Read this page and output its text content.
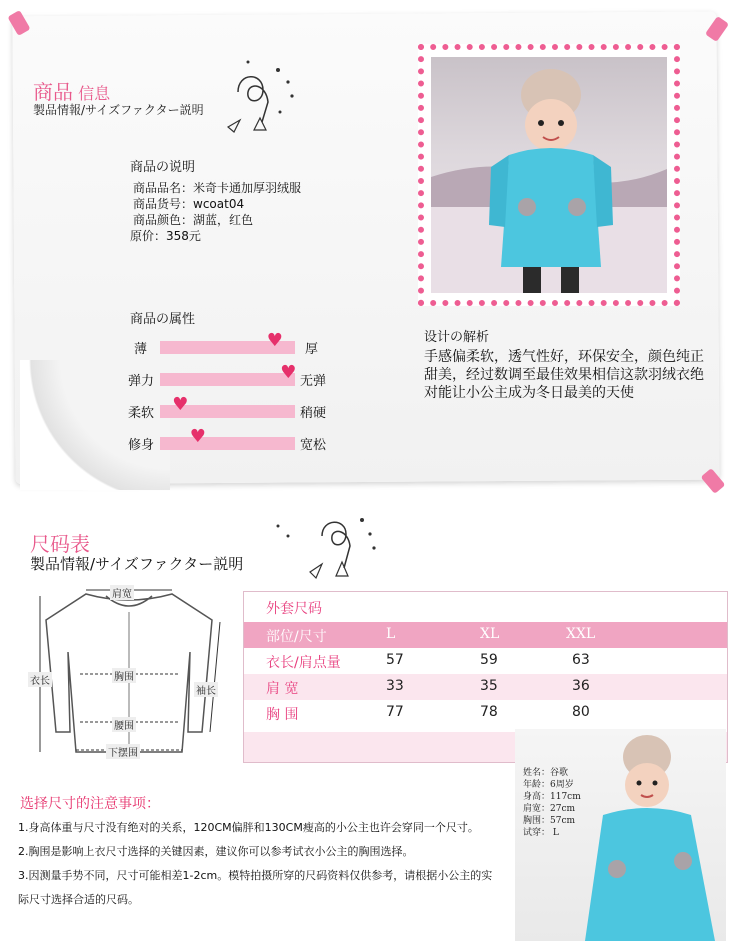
商品 信息
製品情報/サイズファクター説明
商品の说明
商品品名：米奇卡通加厚羽绒服
商品货号：wcoat04
商品颜色：湖蓝，红色
原价：358元
商品の属性
薄	♥ 厚
弹力	♥ 无弹
柔软	♥	稍硬
修身	♥	宽松
设计の解析
手感偏柔软，透气性好，环保安全，颜色纯正甜美，经过数调至最佳效果相信这款羽绒衣绝对能让小公主成为冬日最美的天使
尺码表
製品情報/サイズファクター説明
肩宽
衣长	胸围
袖长
腰围
下摆围
外套尺码
部位/尺寸	L	XL	XXL
衣长/肩点量	57	59	63
肩 宽	33	35	36
胸 围	77	78	80
选择尺寸的注意事项：
1.身高体重与尺寸没有绝对的关系，120CM偏胖和130CM瘦高的小公主也许会穿同一个尺寸。
2.胸围是影响上衣尺寸选择的关键因素，建议你可以参考试衣小公主的胸围选择。
3.因测量手势不同，尺寸可能相差1-2cm。模特拍摄所穿的尺码资料仅供参考，请根据小公主的实
际尺寸选择合适的尺码。
姓名：谷歌
年龄：6周岁
身高：117cm
肩宽：27cm
胸围：57cm
试穿： L
